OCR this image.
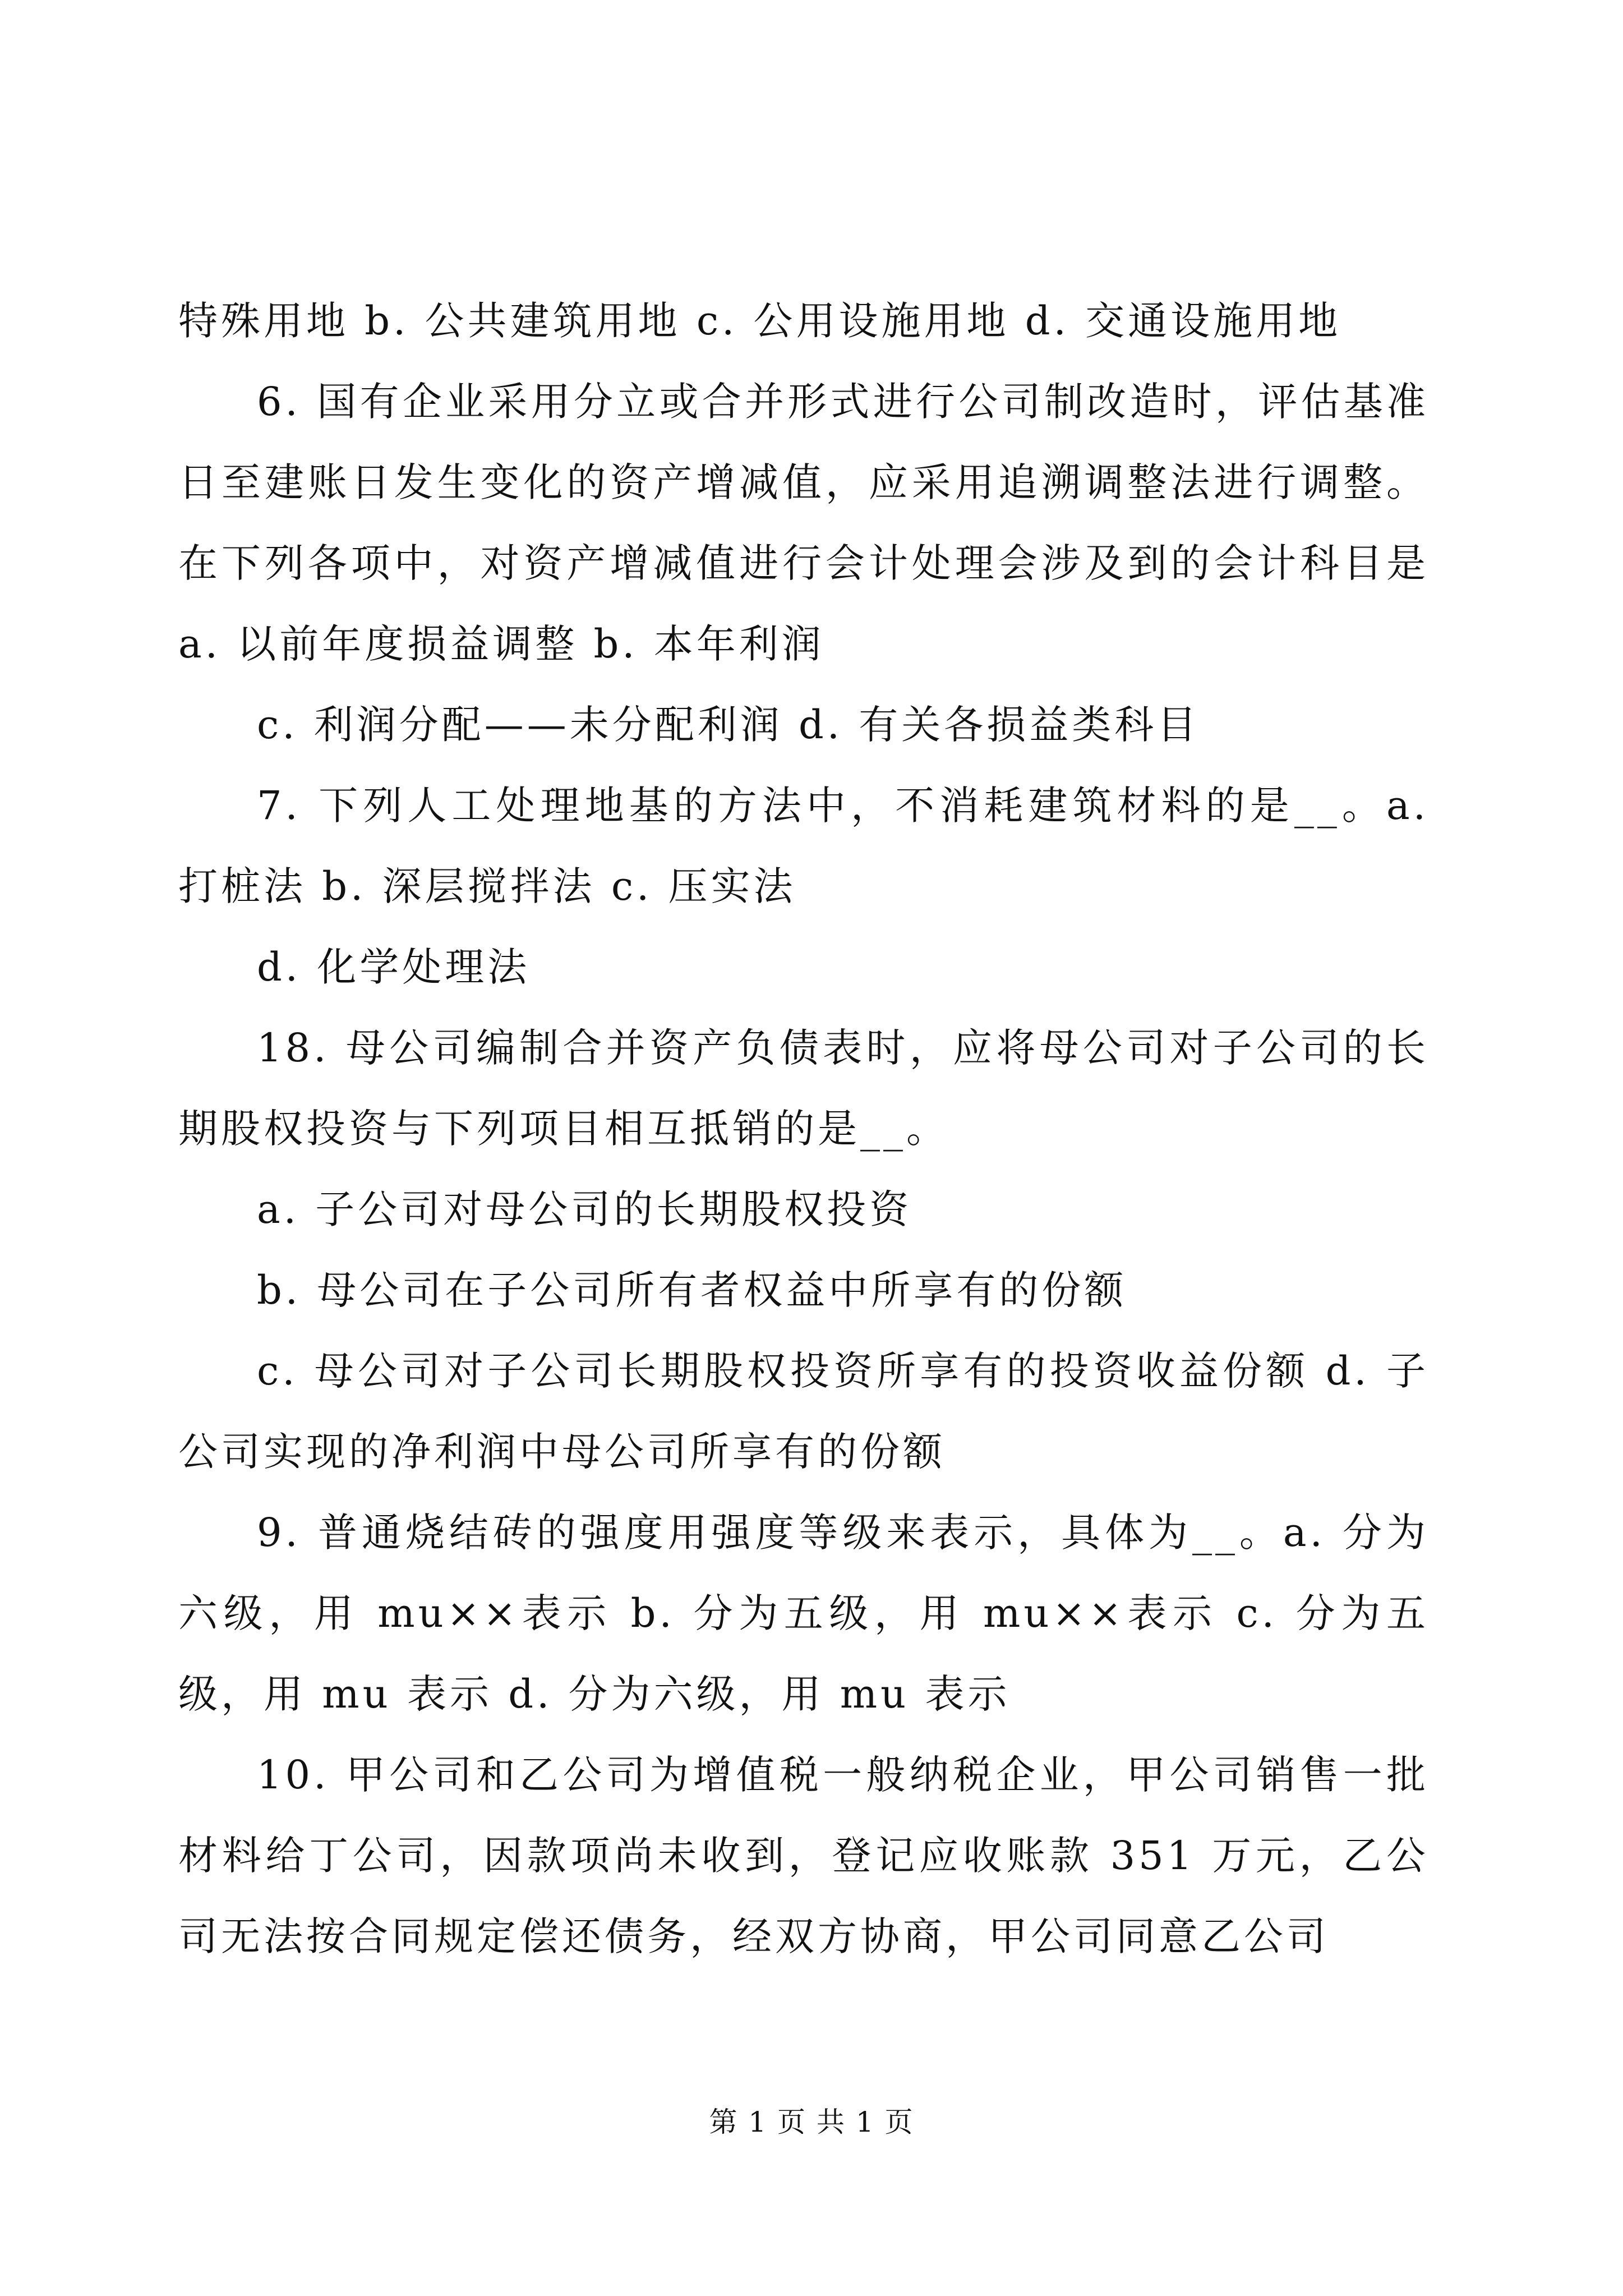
特殊用地 b. 公共建筑用地 c. 公用设施用地 d. 交通设施用地

6. 国有企业采用分立或合并形式进行公司制改造时，评估基准日至建账日发生变化的资产增减值，应采用追溯调整法进行调整。在下列各项中，对资产增减值进行会计处理会涉及到的会计科目是 a. 以前年度损益调整 b. 本年利润

c. 利润分配——未分配利润 d. 有关各损益类科目

7. 下列人工处理地基的方法中，不消耗建筑材料的是__。a. 打桩法 b. 深层搅拌法 c. 压实法

d. 化学处理法

18. 母公司编制合并资产负债表时，应将母公司对子公司的长期股权投资与下列项目相互抵销的是__。

a. 子公司对母公司的长期股权投资

b. 母公司在子公司所有者权益中所享有的份额

c. 母公司对子公司长期股权投资所享有的投资收益份额 d. 子公司实现的净利润中母公司所享有的份额

9. 普通烧结砖的强度用强度等级来表示，具体为__。a. 分为六级，用 mu××表示 b. 分为五级，用 mu××表示 c. 分为五级，用 mu 表示 d. 分为六级，用 mu 表示

10. 甲公司和乙公司为增值税一般纳税企业，甲公司销售一批材料给丁公司，因款项尚未收到，登记应收账款 351 万元，乙公司无法按合同规定偿还债务，经双方协商，甲公司同意乙公司

第 1 页 共 1 页
